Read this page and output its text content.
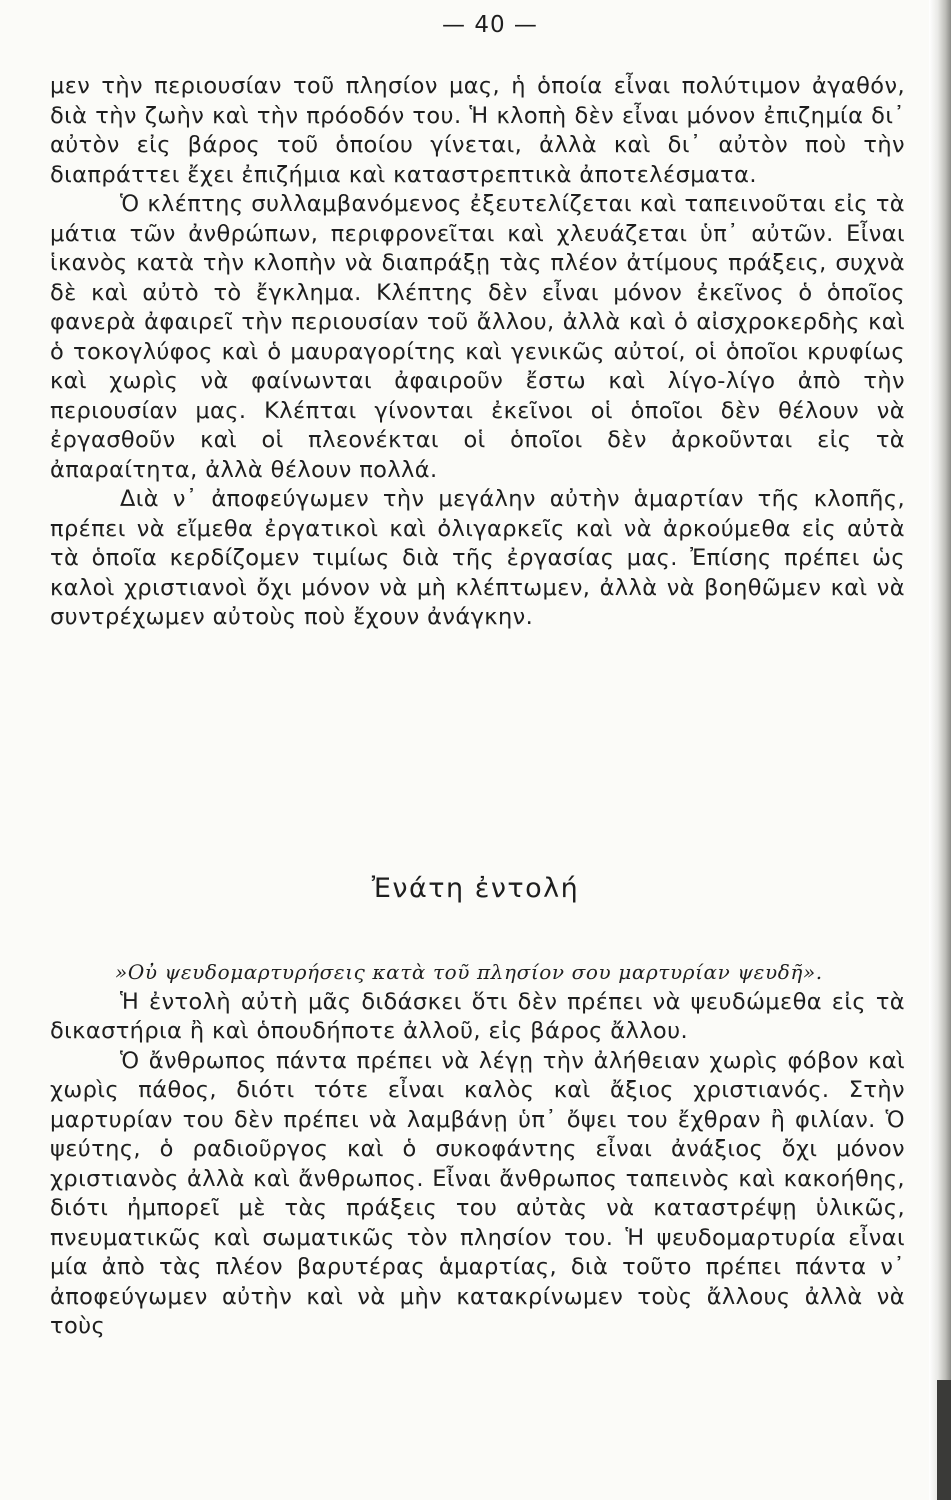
— 40 —

μεν τὴν περιουσίαν τοῦ πλησίον μας, ἡ ὁποία εἶναι πολύτιμον ἀγαθόν, διὰ τὴν ζωὴν καὶ τὴν πρόοδόν του. Ἡ κλοπὴ δὲν εἶναι μόνον ἐπιζημία δι᾿ αὐτὸν εἰς βάρος τοῦ ὁποίου γίνεται, ἀλλὰ καὶ δι᾿ αὐτὸν ποὺ τὴν διαπράττει ἔχει ἐπιζήμια καὶ καταστρεπτικὰ ἀποτελέσματα.

Ὁ κλέπτης συλλαμβανόμενος ἐξευτελίζεται καὶ ταπεινοῦται εἰς τὰ μάτια τῶν ἀνθρώπων, περιφρονεῖται καὶ χλευάζεται ὑπ᾿ αὐτῶν. Εἶναι ἱκανὸς κατὰ τὴν κλοπὴν νὰ διαπράξῃ τὰς πλέον ἀτίμους πράξεις, συχνὰ δὲ καὶ αὐτὸ τὸ ἔγκλημα. Κλέπτης δὲν εἶναι μόνον ἐκεῖνος ὁ ὁποῖος φανερὰ ἀφαιρεῖ τὴν περιουσίαν τοῦ ἄλλου, ἀλλὰ καὶ ὁ αἰσχροκερδὴς καὶ ὁ τοκογλύφος καὶ ὁ μαυραγορίτης καὶ γενικῶς αὐτοί, οἱ ὁποῖοι κρυφίως καὶ χωρὶς νὰ φαίνωνται ἀφαιροῦν ἔστω καὶ λίγο-λίγο ἀπὸ τὴν περιουσίαν μας. Κλέπται γίνονται ἐκεῖνοι οἱ ὁποῖοι δὲν θέλουν νὰ ἐργασθοῦν καὶ οἱ πλεονέκται οἱ ὁποῖοι δὲν ἀρκοῦνται εἰς τὰ ἀπαραίτητα, ἀλλὰ θέλουν πολλά.

Διὰ ν᾿ ἀποφεύγωμεν τὴν μεγάλην αὐτὴν ἁμαρτίαν τῆς κλοπῆς, πρέπει νὰ εἴμεθα ἐργατικοὶ καὶ ὀλιγαρκεῖς καὶ νὰ ἀρκούμεθα εἰς αὐτὰ τὰ ὁποῖα κερδίζομεν τιμίως διὰ τῆς ἐργασίας μας. Ἐπίσης πρέπει ὡς καλοὶ χριστιανοὶ ὄχι μόνον νὰ μὴ κλέπτωμεν, ἀλλὰ νὰ βοηθῶμεν καὶ νὰ συντρέχωμεν αὐτοὺς ποὺ ἔχουν ἀνάγκην.

Ἐνάτη ἐντολή

»Οὐ ψευδομαρτυρήσεις κατὰ τοῦ πλησίον σου μαρτυρίαν ψευδῆ».

Ἡ ἐντολὴ αὐτὴ μᾶς διδάσκει ὅτι δὲν πρέπει νὰ ψευδώμεθα εἰς τὰ δικαστήρια ἢ καὶ ὁπουδήποτε ἀλλοῦ, εἰς βάρος ἄλλου.

Ὁ ἄνθρωπος πάντα πρέπει νὰ λέγῃ τὴν ἀλήθειαν χωρὶς φόβον καὶ χωρὶς πάθος, διότι τότε εἶναι καλὸς καὶ ἄξιος χριστιανός. Στὴν μαρτυρίαν του δὲν πρέπει νὰ λαμβάνῃ ὑπ᾿ ὄψει του ἔχθραν ἢ φιλίαν. Ὁ ψεύτης, ὁ ραδιοῦργος καὶ ὁ συκοφάντης εἶναι ἀνάξιος ὄχι μόνον χριστιανὸς ἀλλὰ καὶ ἄνθρωπος. Εἶναι ἄνθρωπος ταπεινὸς καὶ κακοήθης, διότι ἠμπορεῖ μὲ τὰς πράξεις του αὐτὰς νὰ καταστρέψῃ ὑλικῶς, πνευματικῶς καὶ σωματικῶς τὸν πλησίον του. Ἡ ψευδομαρτυρία εἶναι μία ἀπὸ τὰς πλέον βαρυτέρας ἁμαρτίας, διὰ τοῦτο πρέπει πάντα ν᾿ ἀποφεύγωμεν αὐτὴν καὶ νὰ μὴν κατακρίνωμεν τοὺς ἄλλους ἀλλὰ νὰ τοὺς
